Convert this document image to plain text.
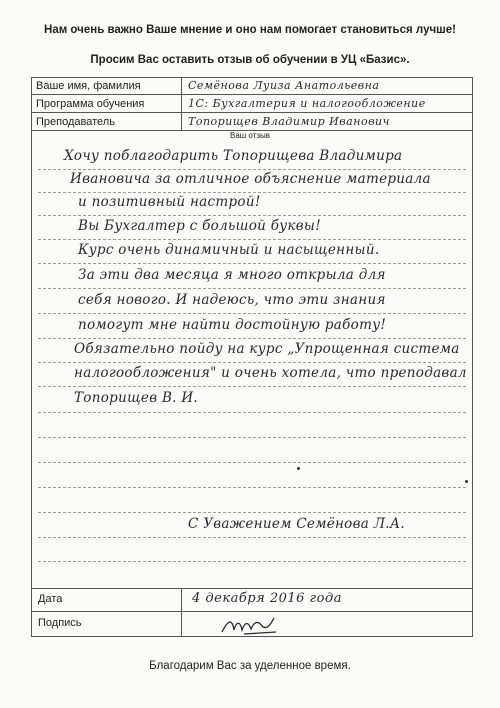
Нам очень важно Ваше мнение и оно нам помогает становиться лучше!
Просим Вас оставить отзыв об обучении в УЦ «Базис».
Ваше имя, фамилия	Семёнова Луиза Анатольевна
Программа обучения	1С: Бухгалтерия и налогообложение
Преподаватель	Топорищев Владимир Иванович
Ваш отзыв
Хочу поблагодарить Топорищева Владимира
Ивановича за отличное объяснение материала
и позитивный настрой!
Вы Бухгалтер с большой буквы!
Курс очень динамичный и насыщенный.
За эти два месяца я много открыла для
себя нового. И надеюсь, что эти знания
помогут мне найти достойную работу!
Обязательно пойду на курс „Упрощенная система
налогообложения" и очень хотела, что преподавал
Топорищев В. И.
С Уважением Семёнова Л.А.
Дата	4 декабря 2016 года
Подпись
Благодарим Вас за уделенное время.
